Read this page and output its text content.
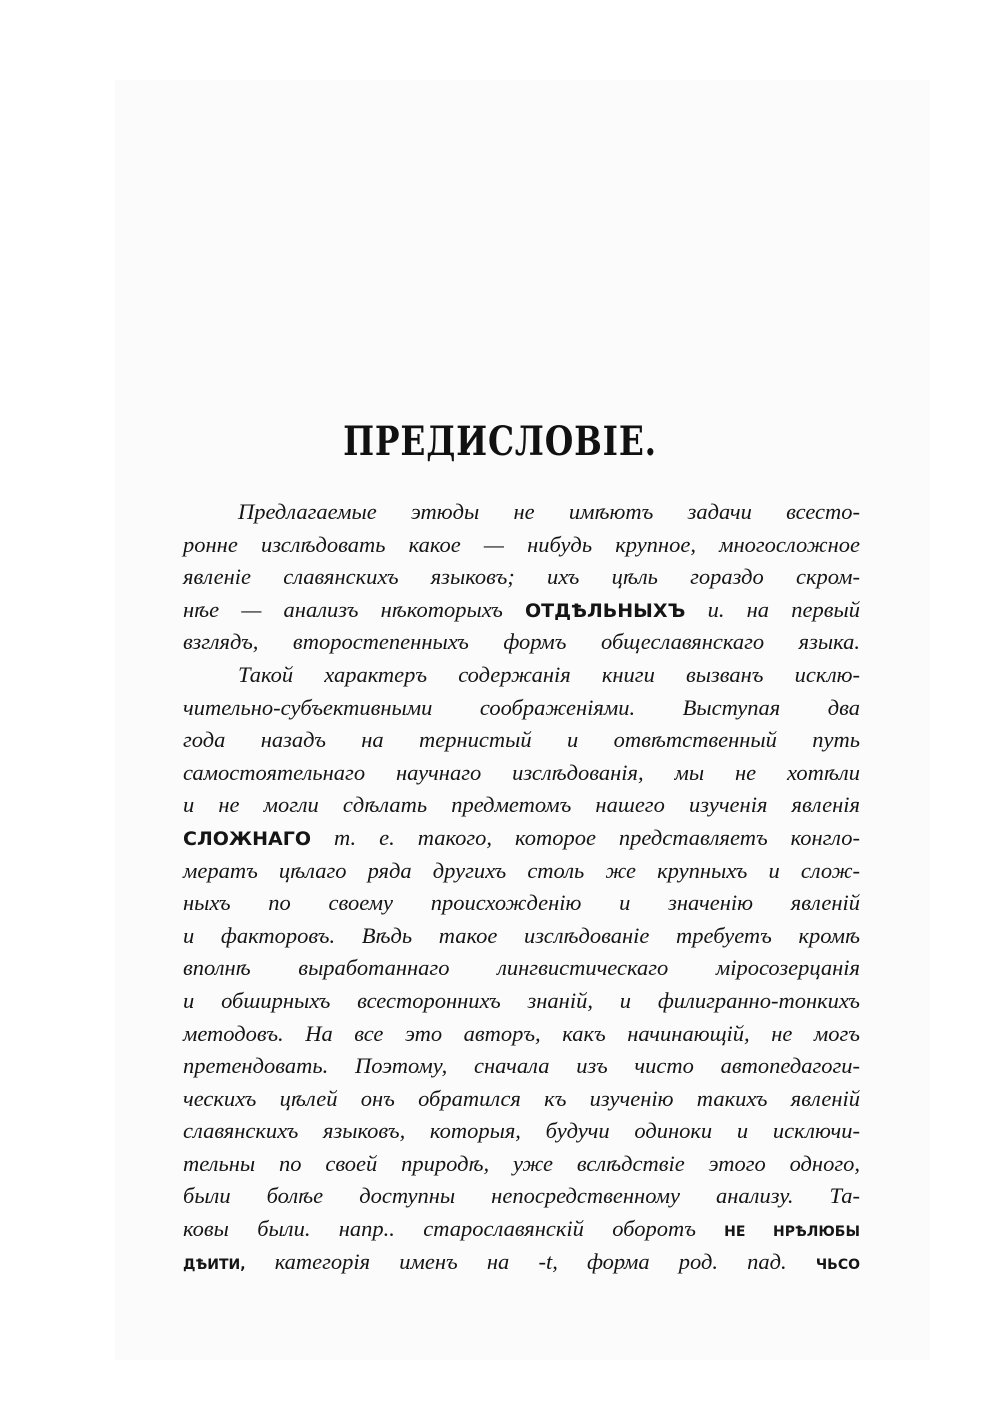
ПРЕДИСЛОВІЕ.
Предлагаемые этюды не имѣютъ задачи всесто-
ронне изслѣдовать какое — нибудь крупное, многосложное
явленіе славянскихъ языковъ; ихъ цѣль гораздо скром-
нѣе — анализъ нѣкоторыхъ ОТДѢЛЬНЫХЪ и. на первый
взглядъ, второстепенныхъ формъ общеславянскаго языка.
Такой характеръ содержанія книги вызванъ исклю-
чительно-субъективными соображеніями. Выступая два
года назадъ на тернистый и отвѣтственный путь
самостоятельнаго научнаго изслѣдованія, мы не хотѣли
и не могли сдѣлать предметомъ нашего изученія явленія
СЛОЖНАГО т. е. такого, которое представляетъ конгло-
мератъ цѣлаго ряда другихъ столь же крупныхъ и слож-
ныхъ по своему происхожденію и значенію явленій
и факторовъ. Вѣдь такое изслѣдованіе требуетъ кромѣ
вполнѣ выработаннаго лингвистическаго міросозерцанія
и обширныхъ всестороннихъ знаній, и филигранно-тонкихъ
методовъ. На все это авторъ, какъ начинающій, не могъ
претендовать. Поэтому, сначала изъ чисто автопедагоги-
ческихъ цѣлей онъ обратился къ изученію такихъ явленій
славянскихъ языковъ, которыя, будучи одиноки и исключи-
тельны по своей природѣ, уже вслѣдствіе этого одного,
были болѣе доступны непосредственному анализу. Та-
ковы были. напр.. старославянскій оборотъ НЕ НРѢЛЮБЫ
ДѢИТИ, категорія именъ на -t, форма род. пад. ЧЬСО
